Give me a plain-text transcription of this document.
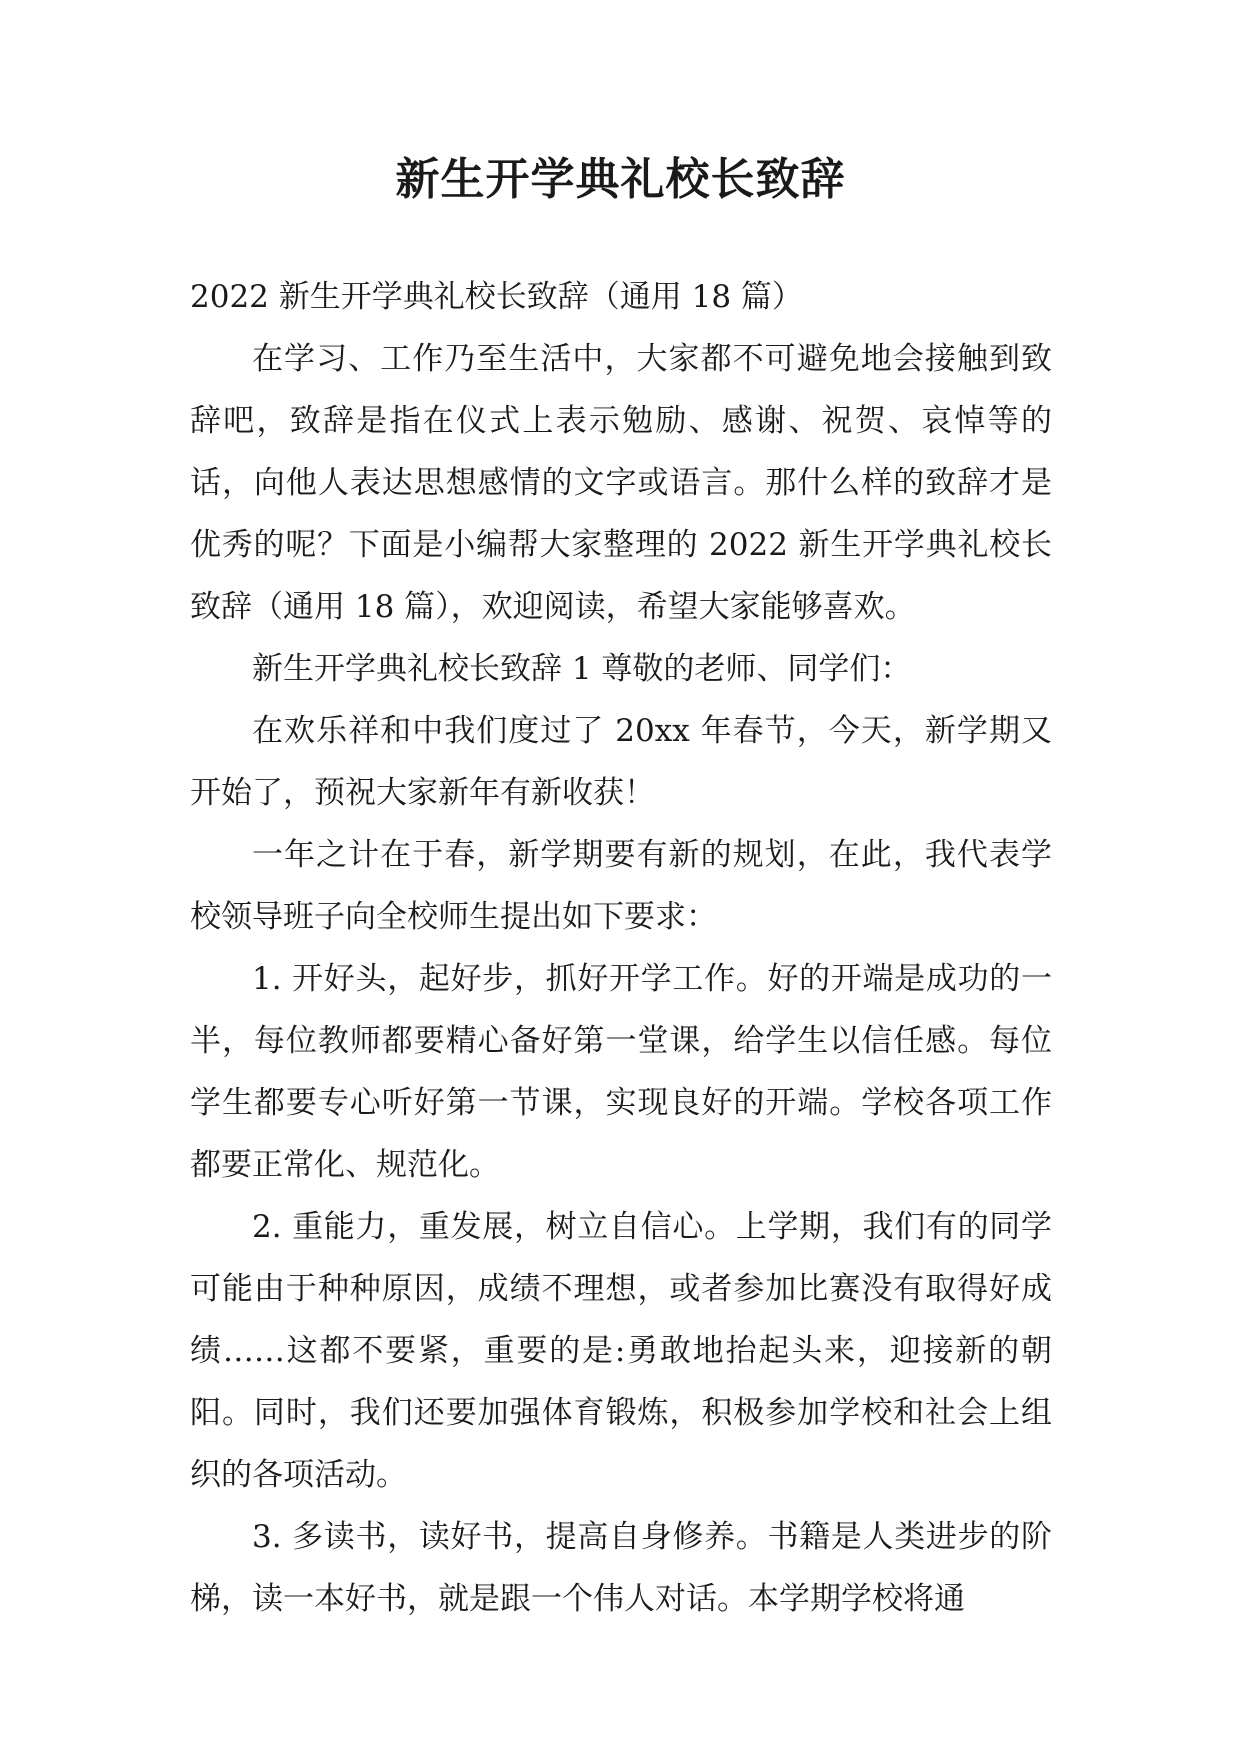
新生开学典礼校长致辞

2022 新生开学典礼校长致辞（通用 18 篇）

在学习、工作乃至生活中，大家都不可避免地会接触到致辞吧，致辞是指在仪式上表示勉励、感谢、祝贺、哀悼等的话，向他人表达思想感情的文字或语言。那什么样的致辞才是优秀的呢？下面是小编帮大家整理的 2022 新生开学典礼校长致辞（通用 18 篇），欢迎阅读，希望大家能够喜欢。

新生开学典礼校长致辞 1 尊敬的老师、同学们：

在欢乐祥和中我们度过了 20xx 年春节，今天，新学期又开始了，预祝大家新年有新收获！

一年之计在于春，新学期要有新的规划，在此，我代表学校领导班子向全校师生提出如下要求：

1. 开好头，起好步，抓好开学工作。好的开端是成功的一半，每位教师都要精心备好第一堂课，给学生以信任感。每位学生都要专心听好第一节课，实现良好的开端。学校各项工作都要正常化、规范化。

2. 重能力，重发展，树立自信心。上学期，我们有的同学可能由于种种原因，成绩不理想，或者参加比赛没有取得好成绩……这都不要紧，重要的是:勇敢地抬起头来，迎接新的朝阳。同时，我们还要加强体育锻炼，积极参加学校和社会上组织的各项活动。

3. 多读书，读好书，提高自身修养。书籍是人类进步的阶梯，读一本好书，就是跟一个伟人对话。本学期学校将通
